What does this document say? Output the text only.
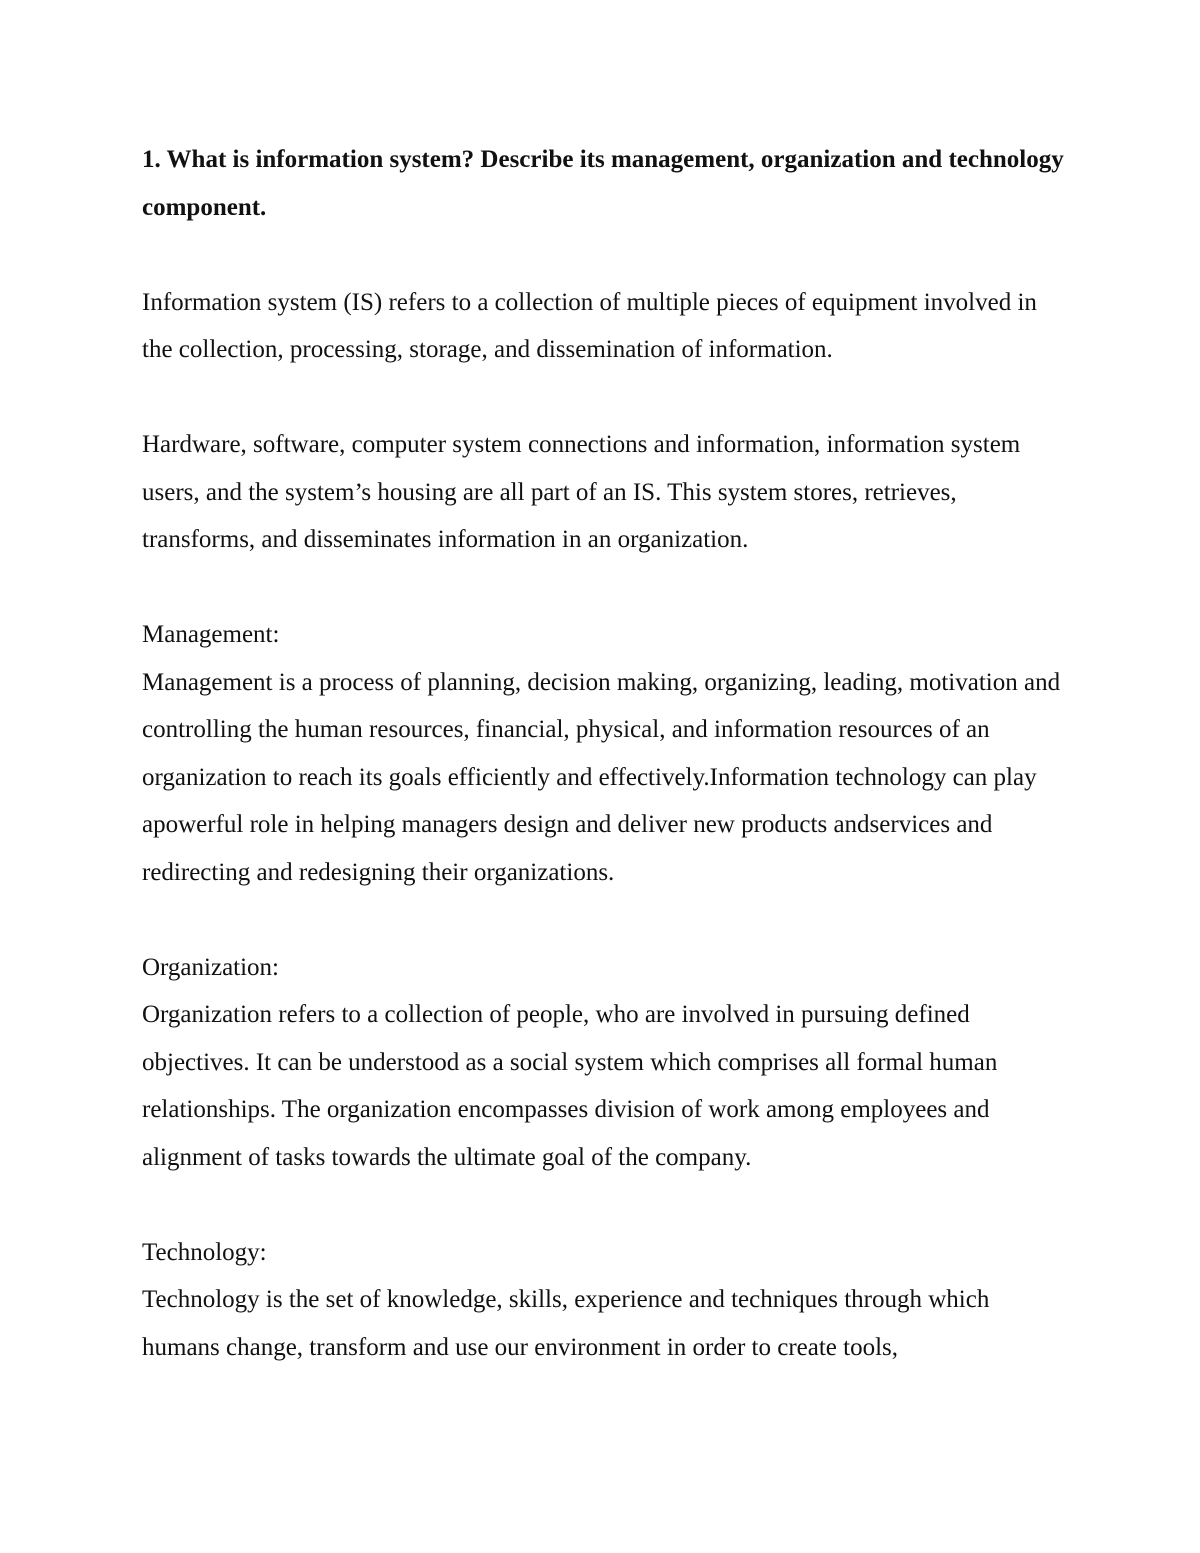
1. What is information system? Describe its management, organization and technology component.

Information system (IS) refers to a collection of multiple pieces of equipment involved in the collection, processing, storage, and dissemination of information.

Hardware, software, computer system connections and information, information system users, and the system’s housing are all part of an IS. This system stores, retrieves, transforms, and disseminates information in an organization.

Management:

Management is a process of planning, decision making, organizing, leading, motivation and controlling the human resources, financial, physical, and information resources of an organization to reach its goals efficiently and effectively.Information technology can play apowerful role in helping managers design and deliver new products andservices and redirecting and redesigning their organizations.

Organization:

Organization refers to a collection of people, who are involved in pursuing defined objectives. It can be understood as a social system which comprises all formal human relationships. The organization encompasses division of work among employees and alignment of tasks towards the ultimate goal of the company.

Technology:

Technology is the set of knowledge, skills, experience and techniques through which humans change, transform and use our environment in order to create tools,
